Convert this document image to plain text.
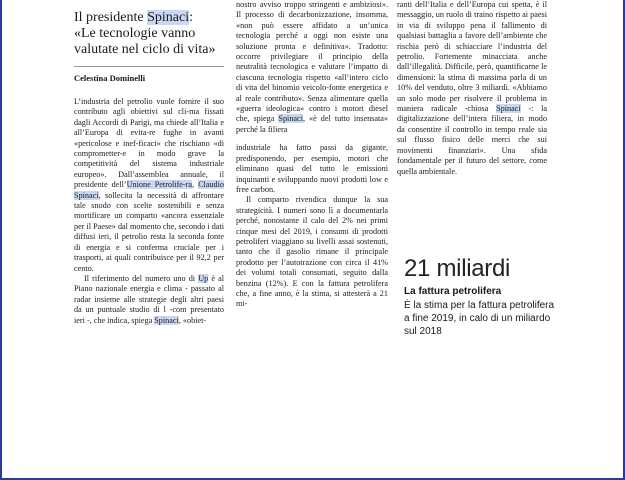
Il presidente Spinaci:
«Le tecnologie vanno
valutate nel ciclo di vita»

Celestina Dominelli

L’industria del petrolio vuole fornire il suo contributo agli obiettivi sul cli-ma fissati dagli Accordi di Parigi, ma chiede all’Italia e all’Europa di evita-re fughe in avanti «pericolose e inef-ficaci» che rischiano «di comprometter-e in modo grave la competitività del sistema industriale europeo». Dall’assemblea annuale, il presidente dell’Unione Petrolife-ra, Claudio Spinaci, sollecita la necessità di affrontare tale snodo con scelte sostenibili e senza mortificare un comparto «ancora essenziale per il Paese» dal momento che, secondo i dati diffusi ieri, il petrolio resta la seconda fonte di energia e si conferma cruciale per i trasporti, ai quali contribuisce per il 92,2 per cento.

Il riferimento del numero uno di Up è al Piano nazionale energia e clima - passato al radar insieme alle strategie degli altri paesi da un puntuale studio di l -com presentato ieri -, che indica, spiega Spinaci, «obiet-

nostro avviso troppo stringenti e ambiziosi». Il processo di decarbonizzazione, insomma, «non può essere affidato a un’unica tecnologia perché a oggi non esiste una soluzione pronta e definitiva». Tradotto: occorre privilegiare il principio della neutralità tecnologica e valutare l’impatto di ciascuna tecnologia rispetto «all’intero ciclo di vita del binomio veicolo-fonte energetica e al reale contributo». Senza alimentare quella «guerra ideologica» contro i motori diesel che, spiega Spinaci, «è del tutto insensata» perché la filiera

industriale ha fatto passi da gigante, predisponendo, per esempio, motori che eliminano quasi del tutto le emissioni inquinanti e sviluppando nuovi prodotti low e free carbon.

Il comparto rivendica dunque la sua strategicità. I numeri sono lì a documentarla perché, nonostante il calo del 2% nei primi cinque mesi del 2019, i consumi di prodotti petroliferi viaggiano su livelli assai sostenuti, tanto che il gasolio rimane il principale prodotto per l’autotrazione con circa il 41% dei volumi totali consumati, seguito dalla benzina (12%). E con la fattura petrolifera che, a fine anno, è la stima, si attesterà a 21 mi-

ranti dell’Italia e dell’Europa cui spetta, è il messaggio, un ruolo di traino rispetto ai paesi in via di sviluppo pena il fallimento di qualsiasi battaglia a favore dell’ambiente che rischia però di schiacciare l’industria del petrolio. Fortemente minacciata anche dall’illegalità. Difficile, però, quantificarne le dimensioni: la stima di massima parla di un 10% del venduto, oltre 3 miliardi. «Abbiamo un solo modo per risolvere il problema in maniera radicale -chiosa Spinaci -: la digitalizzazione dell’intera filiera, in modo da consentire il controllo in tempo reale sia sul flusso fisico delle merci che sui movimenti finanziari». Una sfida fondamentale per il futuro del settore, come quella ambientale.

21 miliardi

La fattura petrolifera

È la stima per la fattura petrolifera a fine 2019, in calo di un miliardo sul 2018
